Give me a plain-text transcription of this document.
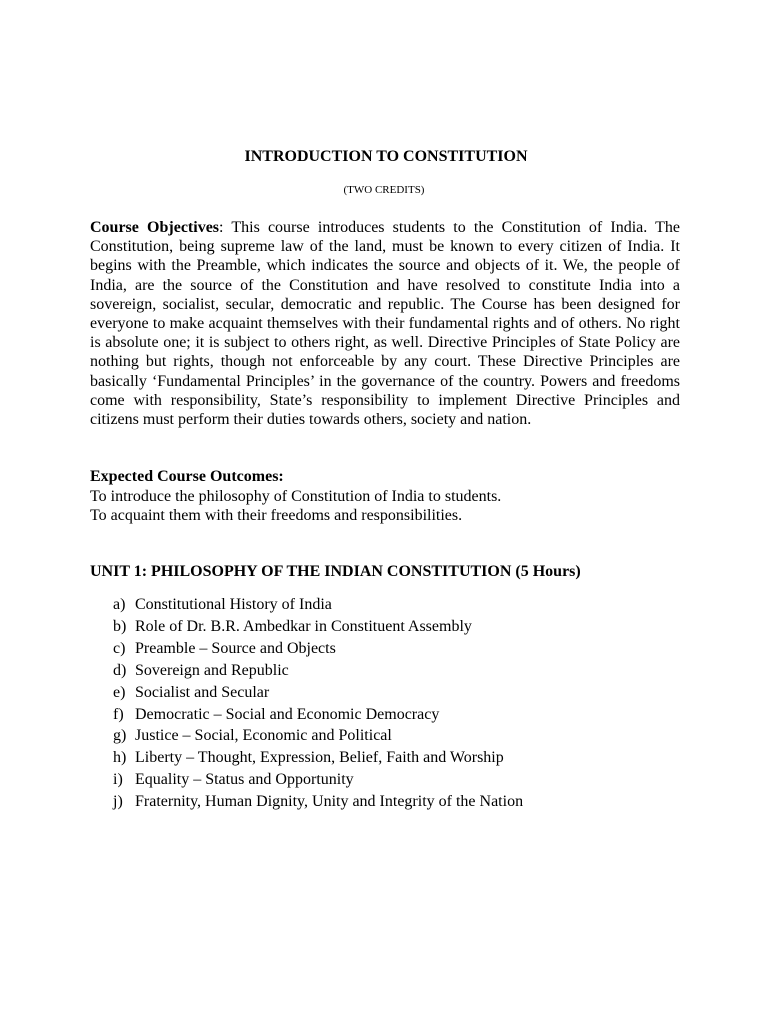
INTRODUCTION TO CONSTITUTION
(TWO CREDITS)

Course Objectives: This course introduces students to the Constitution of India. The Constitution, being supreme law of the land, must be known to every citizen of India. It begins with the Preamble, which indicates the source and objects of it. We, the people of India, are the source of the Constitution and have resolved to constitute India into a sovereign, socialist, secular, democratic and republic. The Course has been designed for everyone to make acquaint themselves with their fundamental rights and of others. No right is absolute one; it is subject to others right, as well. Directive Principles of State Policy are nothing but rights, though not enforceable by any court. These Directive Principles are basically ‘Fundamental Principles’ in the governance of the country. Powers and freedoms come with responsibility, State’s responsibility to implement Directive Principles and citizens must perform their duties towards others, society and nation.

Expected Course Outcomes:
To introduce the philosophy of Constitution of India to students.
To acquaint them with their freedoms and responsibilities.
UNIT 1: PHILOSOPHY OF THE INDIAN CONSTITUTION (5 Hours)
a) Constitutional History of India
b) Role of Dr. B.R. Ambedkar in Constituent Assembly
c) Preamble – Source and Objects
d) Sovereign and Republic
e) Socialist and Secular
f) Democratic – Social and Economic Democracy
g) Justice – Social, Economic and Political
h) Liberty – Thought, Expression, Belief, Faith and Worship
i) Equality – Status and Opportunity
j) Fraternity, Human Dignity, Unity and Integrity of the Nation
